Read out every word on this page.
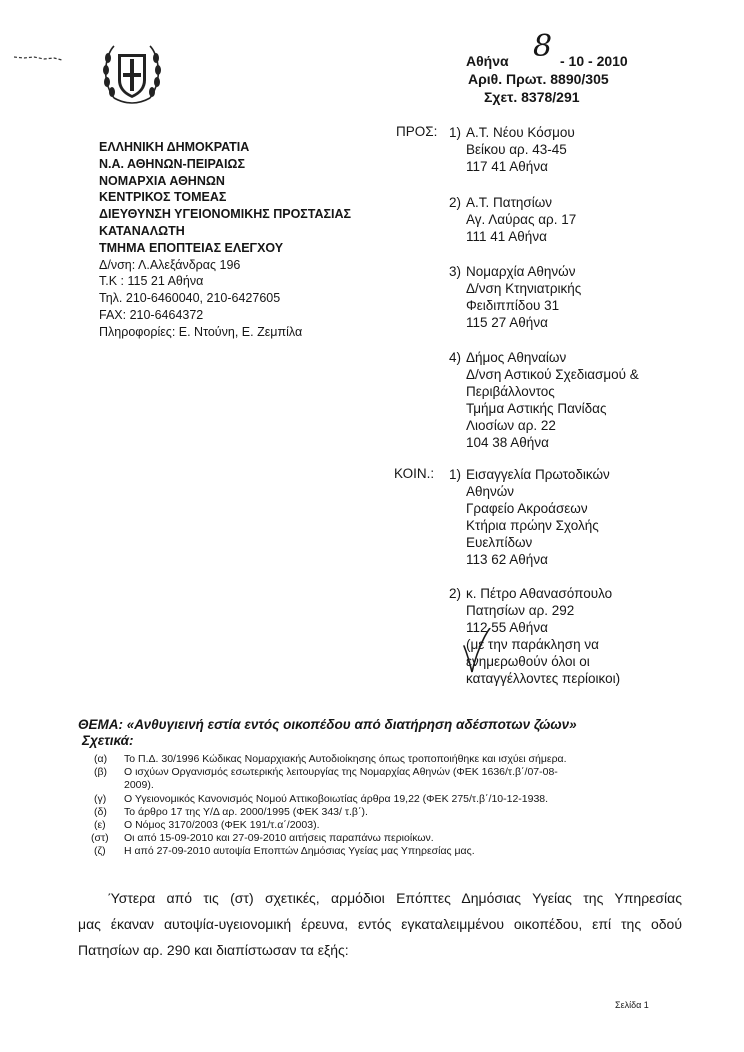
Αθήνα 8 - 10 - 2010
Αριθ. Πρωτ. 8890/305
Σχετ. 8378/291
ΕΛΛΗΝΙΚΗ ΔΗΜΟΚΡΑΤΙΑ
Ν.Α. ΑΘΗΝΩΝ-ΠΕΙΡΑΙΩΣ
ΝΟΜΑΡΧΙΑ ΑΘΗΝΩΝ
ΚΕΝΤΡΙΚΟΣ ΤΟΜΕΑΣ
ΔΙΕΥΘΥΝΣΗ ΥΓΕΙΟΝΟΜΙΚΗΣ ΠΡΟΣΤΑΣΙΑΣ
ΚΑΤΑΝΑΛΩΤΗ
ΤΜΗΜΑ ΕΠΟΠΤΕΙΑΣ ΕΛΕΓΧΟΥ
Δ/νση: Λ.Αλεξάνδρας 196
Τ.Κ : 115 21 Αθήνα
Τηλ. 210-6460040, 210-6427605
FAX: 210-6464372
Πληροφορίες: Ε. Ντούνη, Ε. Ζεμπίλα
ΠΡΟΣ: 1) Α.Τ. Νέου Κόσμου
Βείκου αρ. 43-45
117 41 Αθήνα
2) Α.Τ. Πατησίων
Αγ. Λαύρας αρ. 17
111 41 Αθήνα
3) Νομαρχία Αθηνών
Δ/νση Κτηνιατρικής
Φειδιππίδου 31
115 27 Αθήνα
4) Δήμος Αθηναίων
Δ/νση Αστικού Σχεδιασμού &
Περιβάλλοντος
Τμήμα Αστικής Πανίδας
Λιοσίων αρ. 22
104 38 Αθήνα
ΚΟΙΝ.: 1) Εισαγγελία Πρωτοδικών
Αθηνών
Γραφείο Ακροάσεων
Κτήρια πρώην Σχολής
Ευελπίδων
113 62 Αθήνα
2) κ. Πέτρο Αθανασόπουλο
Πατησίων αρ. 292
112 55 Αθήνα
(με την παράκληση να
ενημερωθούν όλοι οι
καταγγέλλοντες περίοικοι)
ΘΕΜΑ: «Ανθυγιεινή εστία εντός οικοπέδου από διατήρηση αδέσποτων ζώων»
Σχετικά:
(α) Το Π.Δ. 30/1996 Κώδικας Νομαρχιακής Αυτοδιοίκησης όπως τροποποιήθηκε και ισχύει σήμερα.
(β) Ο ισχύων Οργανισμός εσωτερικής λειτουργίας της Νομαρχίας Αθηνών (ΦΕΚ 1636/τ.β΄/07-08-
2009).
(γ) Ο Υγειονομικός Κανονισμός Νομού Αττικοβοιωτίας άρθρα 19,22 (ΦΕΚ 275/τ.β΄/10-12-1938.
(δ) Το άρθρο 17 της Υ/Δ αρ. 2000/1995 (ΦΕΚ 343/ τ.β΄).
(ε) Ο Νόμος 3170/2003 (ΦΕΚ 191/τ.α΄/2003).
(στ) Οι από 15-09-2010 και 27-09-2010 αιτήσεις παραπάνω περιοίκων.
(ζ) Η από 27-09-2010 αυτοψία Επoπτών Δημόσιας Υγείας μας Υπηρεσίας μας.
Ύστερα από τις (στ) σχετικές, αρμόδιοι Επόπτες Δημόσιας Υγείας της Υπηρεσίας
μας έκαναν αυτοψία-υγειονομική έρευνα, εντός εγκαταλειμμένου οικοπέδου, επί της οδού
Πατησίων αρ. 290 και διαπίστωσαν τα εξής:
Σελίδα 1
